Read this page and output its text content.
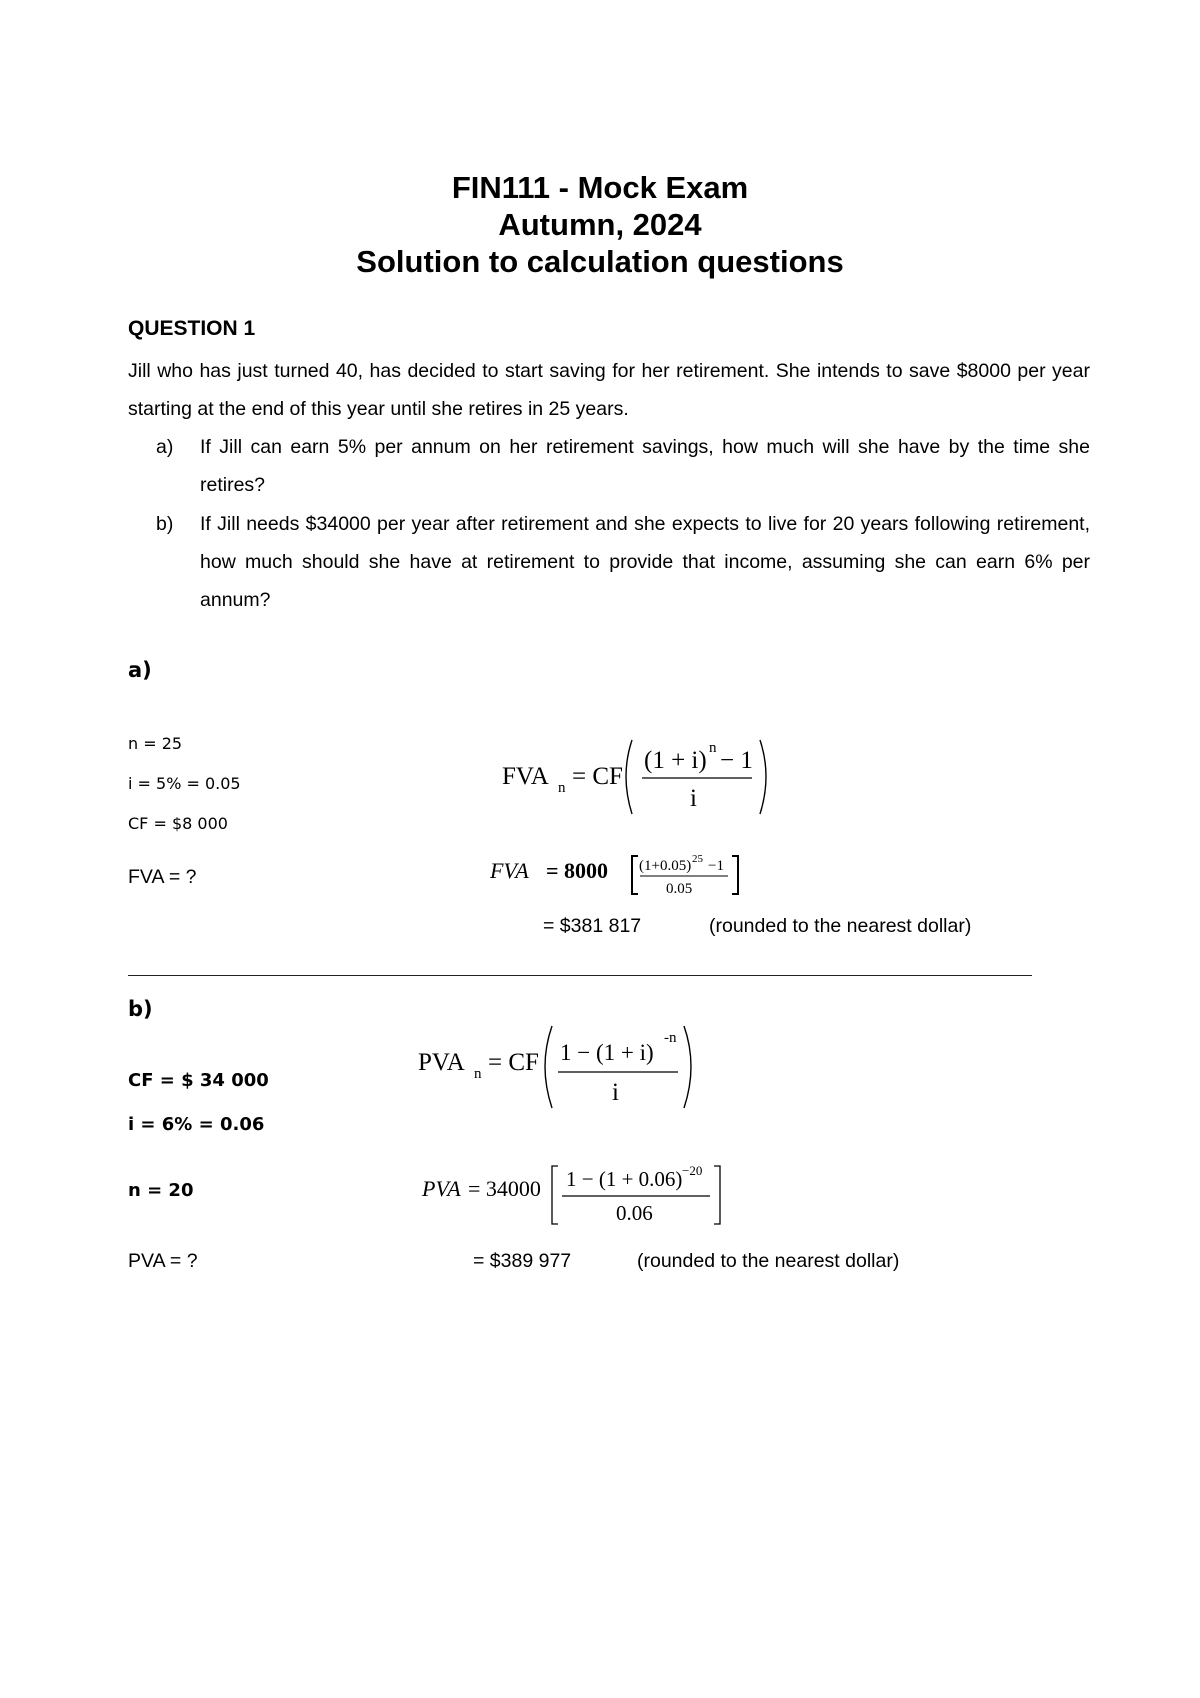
FIN111 - Mock Exam
Autumn, 2024
Solution to calculation questions
QUESTION 1
Jill who has just turned 40, has decided to start saving for her retirement. She intends to save $8000 per year starting at the end of this year until she retires in 25 years.
a) If Jill can earn 5% per annum on her retirement savings, how much will she have by the time she retires?
b) If Jill needs $34000 per year after retirement and she expects to live for 20 years following retirement, how much should she have at retirement to provide that income, assuming she can earn 6% per annum?
a)
n = 25
i = 5% = 0.05
CF = $8 000
FVA = ?
FVA n = CF
(1 + i) n − 1
i
FVA = 8000 (1+0.05) 25 −1
0.05
= $381 817	(rounded to the nearest dollar)
b)
PVA n = CF 1 − (1 + i)
-n
i
CF = $ 34 000
i = 6% = 0.06
n = 20	PVA = 34000 1 − (1 + 0.06) −20
0.06
PVA = ?	= $389 977	(rounded to the nearest dollar)
